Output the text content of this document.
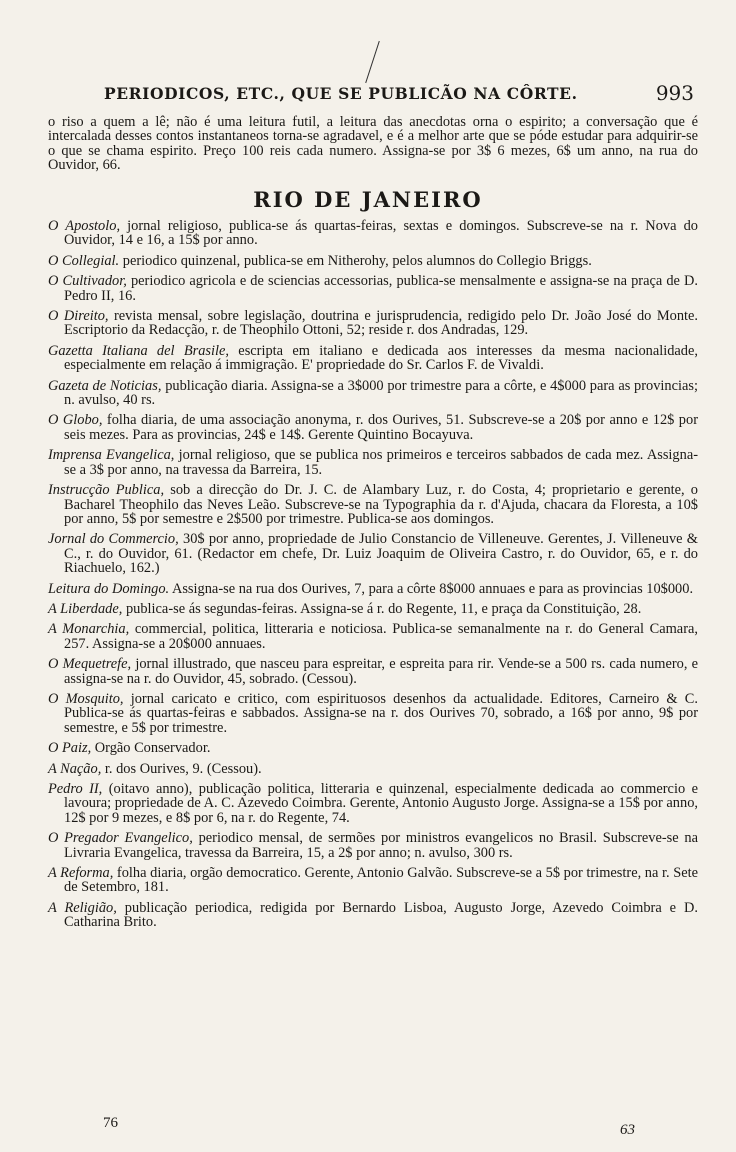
PERIODICOS, ETC., QUE SE PUBLICÃO NA CÔRTE.	993
o riso a quem a lê; não é uma leitura futil, a leitura das anecdotas orna o espirito; a conversação que é intercalada desses contos instantaneos torna-se agradavel, e é a melhor arte que se póde estudar para adquirir-se o que se chama espirito. Preço 100 reis cada numero. Assigna-se por 3$ 6 mezes, 6$ um anno, na rua do Ouvidor, 66.
RIO DE JANEIRO
O Apostolo, jornal religioso, publica-se ás quartas-feiras, sextas e domingos. Subscreve-se na r. Nova do Ouvidor, 14 e 16, a 15$ por anno.
O Collegial. periodico quinzenal, publica-se em Nitherohy, pelos alumnos do Collegio Briggs.
O Cultivador, periodico agricola e de sciencias accessorias, publica-se mensalmente e assigna-se na praça de D. Pedro II, 16.
O Direito, revista mensal, sobre legislação, doutrina e jurisprudencia, redigido pelo Dr. João José do Monte. Escriptorio da Redacção, r. de Theophilo Ottoni, 52; reside r. dos Andradas, 129.
Gazetta Italiana del Brasile, escripta em italiano e dedicada aos interesses da mesma nacionalidade, especialmente em relação á immigração. E' propriedade do Sr. Carlos F. de Vivaldi.
Gazeta de Noticias, publicação diaria. Assigna-se a 3$000 por trimestre para a côrte, e 4$000 para as provincias; n. avulso, 40 rs.
O Globo, folha diaria, de uma associação anonyma, r. dos Ourives, 51. Subscreve-se a 20$ por anno e 12$ por seis mezes. Para as provincias, 24$ e 14$. Gerente Quintino Bocayuva.
Imprensa Evangelica, jornal religioso, que se publica nos primeiros e terceiros sabbados de cada mez. Assigna-se a 3$ por anno, na travessa da Barreira, 15.
Instrucção Publica, sob a direcção do Dr. J. C. de Alambary Luz, r. do Costa, 4; proprietario e gerente, o Bacharel Theophilo das Neves Leão. Subscreve-se na Typographia da r. d'Ajuda, chacara da Floresta, a 10$ por anno, 5$ por semestre e 2$500 por trimestre. Publica-se aos domingos.
Jornal do Commercio, 30$ por anno, propriedade de Julio Constancio de Villeneuve. Gerentes, J. Villeneuve & C., r. do Ouvidor, 61. (Redactor em chefe, Dr. Luiz Joaquim de Oliveira Castro, r. do Ouvidor, 65, e r. do Riachuelo, 162.)
Leitura do Domingo. Assigna-se na rua dos Ourives, 7, para a côrte 8$000 annuaes e para as provincias 10$000.
A Liberdade, publica-se ás segundas-feiras. Assigna-se á r. do Regente, 11, e praça da Constituição, 28.
A Monarchia, commercial, politica, litteraria e noticiosa. Publica-se semanalmente na r. do General Camara, 257. Assigna-se a 20$000 annuaes.
O Mequetrefe, jornal illustrado, que nasceu para espreitar, e espreita para rir. Vende-se a 500 rs. cada numero, e assigna-se na r. do Ouvidor, 45, sobrado. (Cessou).
O Mosquito, jornal caricato e critico, com espirituosos desenhos da actualidade. Editores, Carneiro & C. Publica-se ás quartas-feiras e sabbados. Assigna-se na r. dos Ourives 70, sobrado, a 16$ por anno, 9$ por semestre, e 5$ por trimestre.
O Paiz, Orgão Conservador.
A Nação, r. dos Ourives, 9. (Cessou).
Pedro II, (oitavo anno), publicação politica, litteraria e quinzenal, especialmente dedicada ao commercio e lavoura; propriedade de A. C. Azevedo Coimbra. Gerente, Antonio Augusto Jorge. Assigna-se a 15$ por anno, 12$ por 9 mezes, e 8$ por 6, na r. do Regente, 74.
O Pregador Evangelico, periodico mensal, de sermões por ministros evangelicos no Brasil. Subscreve-se na Livraria Evangelica, travessa da Barreira, 15, a 2$ por anno; n. avulso, 300 rs.
A Reforma, folha diaria, orgão democratico. Gerente, Antonio Galvão. Subscreve-se a 5$ por trimestre, na r. Sete de Setembro, 181.
A Religião, publicação periodica, redigida por Bernardo Lisboa, Augusto Jorge, Azevedo Coimbra e D. Catharina Brito.
76	63
